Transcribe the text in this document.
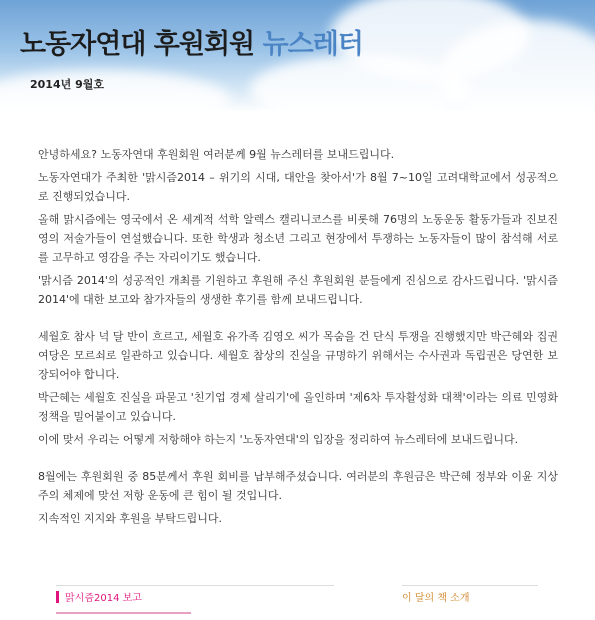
노동자연대 후원회원 뉴스레터

2014년 9월호

안녕하세요? 노동자연대 후원회원 여러분께 9월 뉴스레터를 보내드립니다.

노동자연대가 주최한 '맑시즘2014 – 위기의 시대, 대안을 찾아서'가 8월 7~10일 고려대학교에서 성공적으로 진행되었습니다.

올해 맑시즘에는 영국에서 온 세계적 석학 알렉스 캘리니코스를 비롯해 76명의 노동운동 활동가들과 진보진영의 저술가들이 연설했습니다. 또한 학생과 청소년 그리고 현장에서 투쟁하는 노동자들이 많이 참석해 서로를 고무하고 영감을 주는 자리이기도 했습니다.

'맑시즘 2014'의 성공적인 개최를 기원하고 후원해 주신 후원회원 분들에게 진심으로 감사드립니다. '맑시즘 2014'에 대한 보고와 참가자들의 생생한 후기를 함께 보내드립니다.

세월호 참사 넉 달 반이 흐르고, 세월호 유가족 김영오 씨가 목숨을 건 단식 투쟁을 진행했지만 박근혜와 집권 여당은 모르쇠로 일관하고 있습니다. 세월호 참상의 진실을 규명하기 위해서는 수사권과 독립권은 당연한 보장되어야 합니다.

박근혜는 세월호 진실을 파묻고 '친기업 경제 살리기'에 올인하며 '제6차 투자활성화 대책'이라는 의료 민영화 정책을 밀어붙이고 있습니다.

이에 맞서 우리는 어떻게 저항해야 하는지 '노동자연대'의 입장을 정리하여 뉴스레터에 보내드립니다.

8월에는 후원회원 중 85분께서 후원 회비를 납부해주셨습니다. 여러분의 후원금은 박근혜 정부와 이윤 지상주의 체제에 맞선 저항 운동에 큰 힘이 될 것입니다.

지속적인 지지와 후원을 부탁드립니다.

맑시즘2014 보고	이 달의 책 소개
